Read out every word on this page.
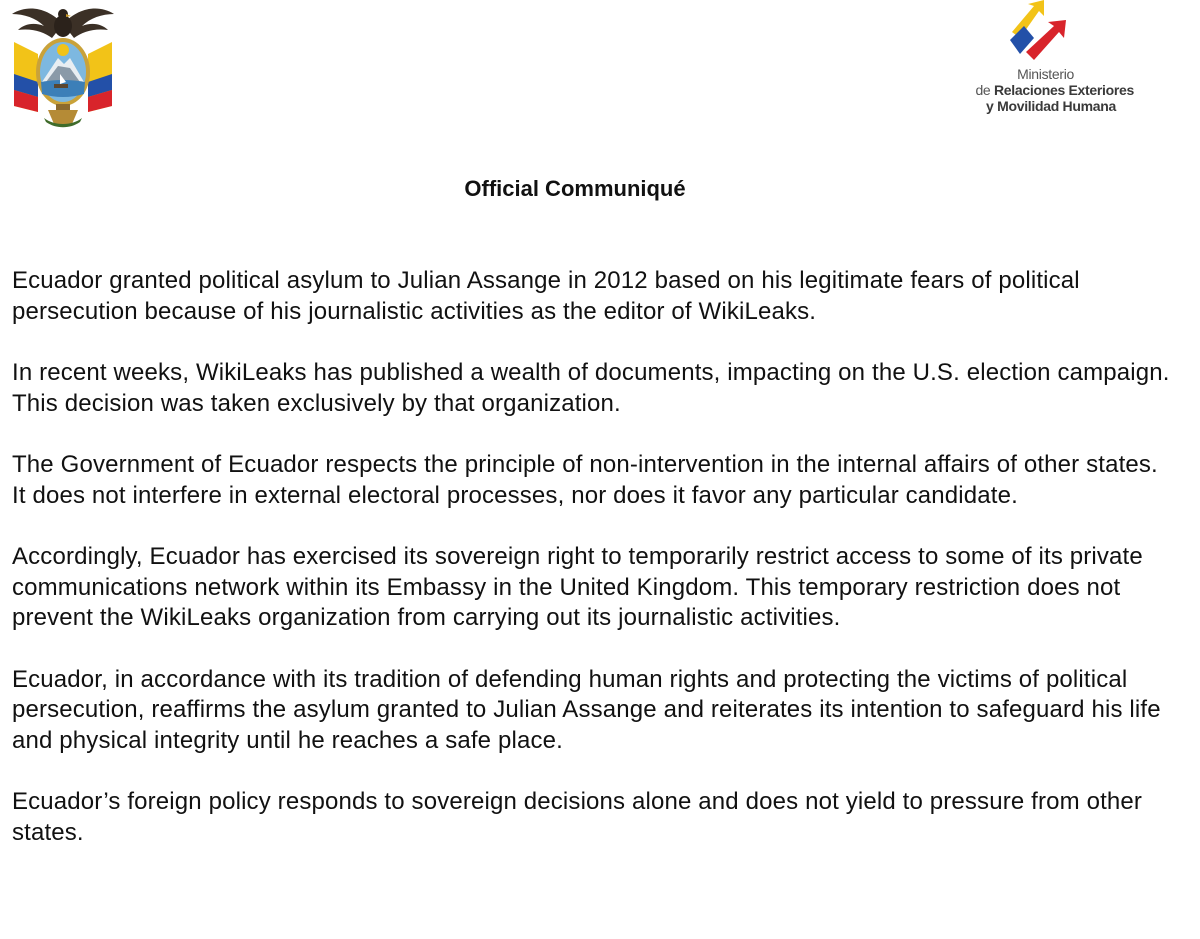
Ministerio
de Relaciones Exteriores
y Movilidad Humana
Official Communiqué

Ecuador granted political asylum to Julian Assange in 2012 based on his legitimate fears of political persecution because of his journalistic activities as the editor of WikiLeaks.

In recent weeks, WikiLeaks has published a wealth of documents, impacting on the U.S. election campaign. This decision was taken exclusively by that organization.

The Government of Ecuador respects the principle of non-intervention in the internal affairs of other states. It does not interfere in external electoral processes, nor does it favor any particular candidate.

Accordingly, Ecuador has exercised its sovereign right to temporarily restrict access to some of its private communications network within its Embassy in the United Kingdom. This temporary restriction does not prevent the WikiLeaks organization from carrying out its journalistic activities.

Ecuador, in accordance with its tradition of defending human rights and protecting the victims of political persecution, reaffirms the asylum granted to Julian Assange and reiterates its intention to safeguard his life and physical integrity until he reaches a safe place.

Ecuador’s foreign policy responds to sovereign decisions alone and does not yield to pressure from other states.
